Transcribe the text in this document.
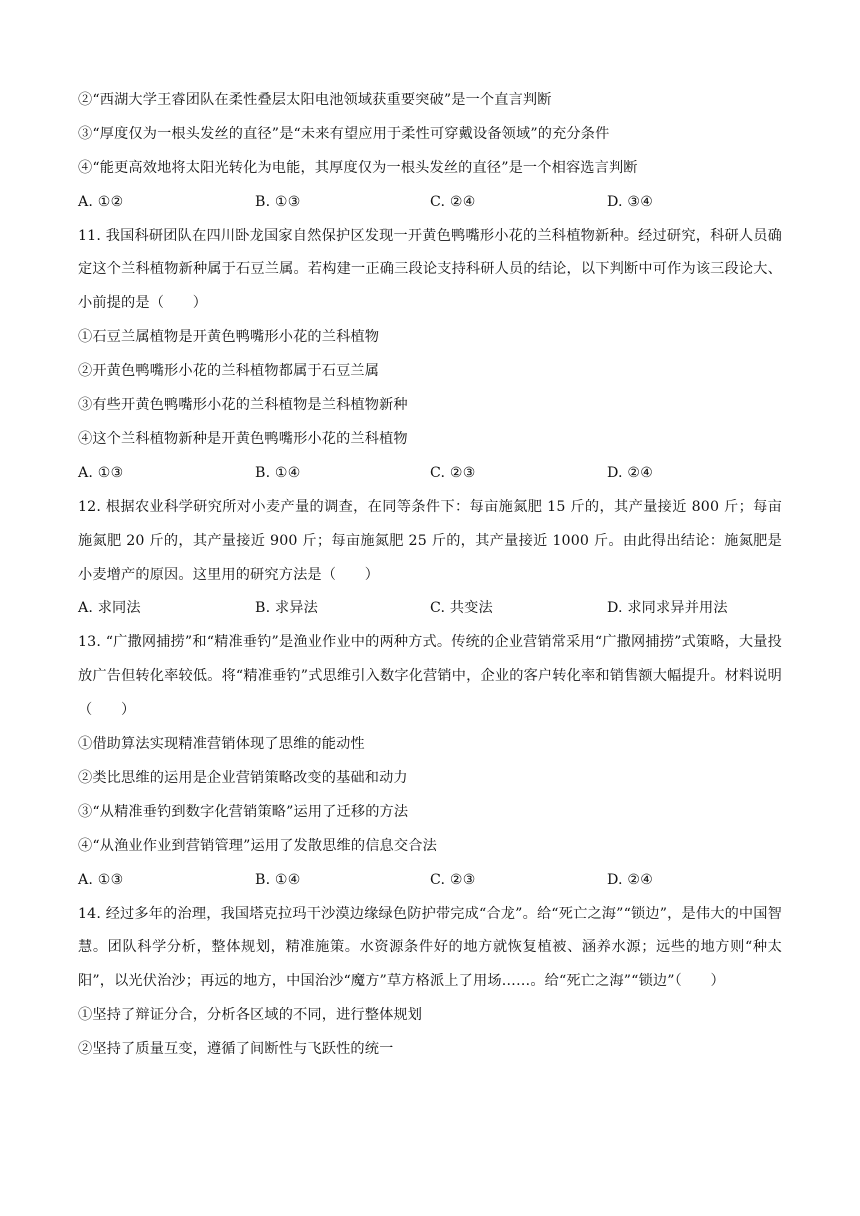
②“西湖大学王睿团队在柔性叠层太阳电池领域获重要突破”是一个直言判断
③“厚度仅为一根头发丝的直径”是“未来有望应用于柔性可穿戴设备领域”的充分条件
④“能更高效地将太阳光转化为电能，其厚度仅为一根头发丝的直径”是一个相容选言判断
A. ①②	B. ①③	C. ②④	D. ③④
11. 我国科研团队在四川卧龙国家自然保护区发现一开黄色鸭嘴形小花的兰科植物新种。经过研究，科研人员确定这个兰科植物新种属于石豆兰属。若构建一正确三段论支持科研人员的结论，以下判断中可作为该三段论大、小前提的是（　　）
①石豆兰属植物是开黄色鸭嘴形小花的兰科植物
②开黄色鸭嘴形小花的兰科植物都属于石豆兰属
③有些开黄色鸭嘴形小花的兰科植物是兰科植物新种
④这个兰科植物新种是开黄色鸭嘴形小花的兰科植物
A. ①③	B. ①④	C. ②③	D. ②④
12. 根据农业科学研究所对小麦产量的调查，在同等条件下：每亩施氮肥 15 斤的，其产量接近 800 斤；每亩施氮肥 20 斤的，其产量接近 900 斤；每亩施氮肥 25 斤的，其产量接近 1000 斤。由此得出结论：施氮肥是小麦增产的原因。这里用的研究方法是（　　）
A. 求同法	B. 求异法	C. 共变法	D. 求同求异并用法
13. “广撒网捕捞”和“精准垂钓”是渔业作业中的两种方式。传统的企业营销常采用“广撒网捕捞”式策略，大量投放广告但转化率较低。将“精准垂钓”式思维引入数字化营销中，企业的客户转化率和销售额大幅提升。材料说明（　　）
①借助算法实现精准营销体现了思维的能动性
②类比思维的运用是企业营销策略改变的基础和动力
③“从精准垂钓到数字化营销策略”运用了迁移的方法
④“从渔业作业到营销管理”运用了发散思维的信息交合法
A. ①③	B. ①④	C. ②③	D. ②④
14. 经过多年的治理，我国塔克拉玛干沙漠边缘绿色防护带完成“合龙”。给“死亡之海”“锁边”，是伟大的中国智慧。团队科学分析，整体规划，精准施策。水资源条件好的地方就恢复植被、涵养水源；远些的地方则“种太阳”，以光伏治沙；再远的地方，中国治沙“魔方”草方格派上了用场……。给“死亡之海”“锁边”（　　）
①坚持了辩证分合，分析各区域的不同，进行整体规划
②坚持了质量互变，遵循了间断性与飞跃性的统一
